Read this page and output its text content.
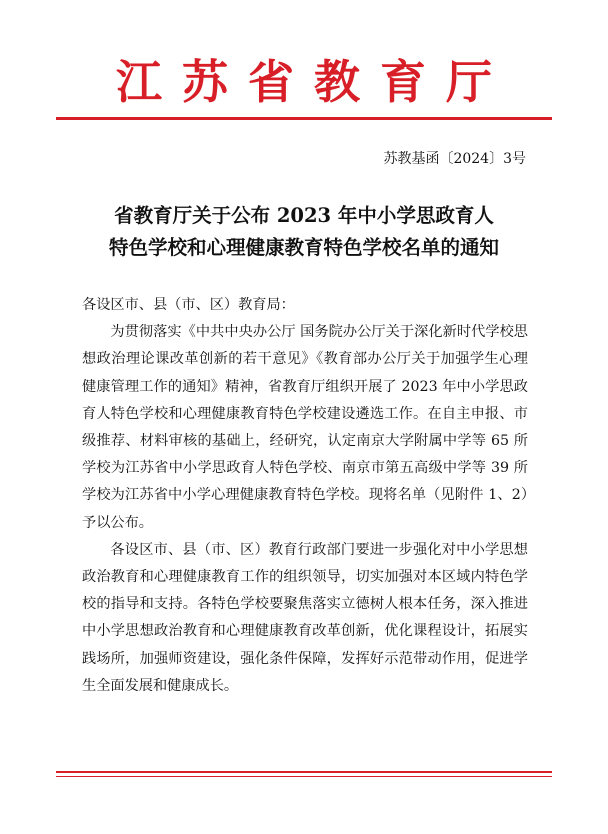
江苏省教育厅
苏教基函〔2024〕3号
省教育厅关于公布 2023 年中小学思政育人
特色学校和心理健康教育特色学校名单的通知

各设区市、县（市、区）教育局：

为贯彻落实《中共中央办公厅 国务院办公厅关于深化新时代学校思想政治理论课改革创新的若干意见》《教育部办公厅关于加强学生心理健康管理工作的通知》精神，省教育厅组织开展了 2023 年中小学思政育人特色学校和心理健康教育特色学校建设遴选工作。在自主申报、市级推荐、材料审核的基础上，经研究，认定南京大学附属中学等 65 所学校为江苏省中小学思政育人特色学校、南京市第五高级中学等 39 所学校为江苏省中小学心理健康教育特色学校。现将名单（见附件 1、2）予以公布。

各设区市、县（市、区）教育行政部门要进一步强化对中小学思想政治教育和心理健康教育工作的组织领导，切实加强对本区域内特色学校的指导和支持。各特色学校要聚焦落实立德树人根本任务，深入推进中小学思想政治教育和心理健康教育改革创新，优化课程设计，拓展实践场所，加强师资建设，强化条件保障，发挥好示范带动作用，促进学生全面发展和健康成长。
